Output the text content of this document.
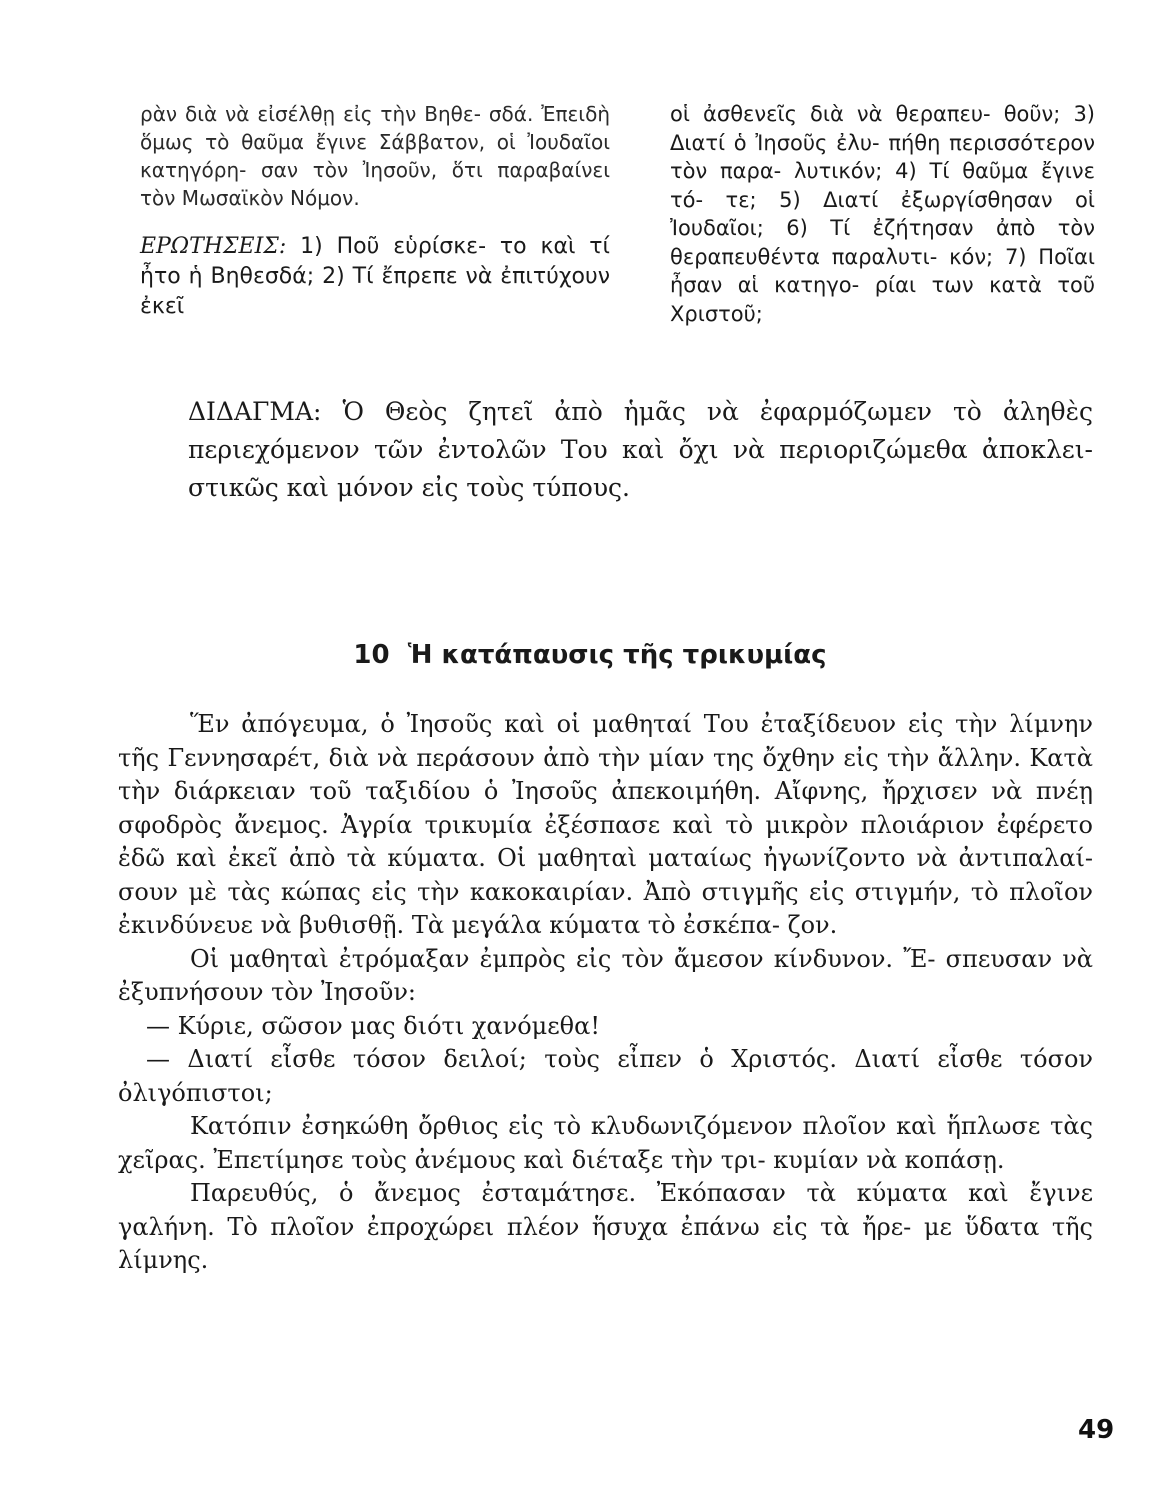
ρὰν διὰ νὰ εἰσέλθῃ εἰς τὴν Βηθε- σδά. Ἐπειδὴ ὅμως τὸ θαῦμα ἔγινε Σάββατον, οἱ Ἰουδαῖοι κατηγόρη- σαν τὸν Ἰησοῦν, ὅτι παραβαίνει τὸν Μωσαϊκὸν Νόμον.

ΕΡΩΤΗΣΕΙΣ: 1) Ποῦ εὑρίσκε- το καὶ τί ἦτο ἡ Βηθεσδά; 2) Τί ἔπρεπε νὰ ἐπιτύχουν ἐκεῖ

οἱ ἀσθενεῖς διὰ νὰ θεραπευ- θοῦν; 3) Διατί ὁ Ἰησοῦς ἐλυ- πήθη περισσότερον τὸν παρα- λυτικόν; 4) Τί θαῦμα ἔγινε τό- τε; 5) Διατί ἐξωργίσθησαν οἱ Ἰουδαῖοι; 6) Τί ἐζήτησαν ἀπὸ τὸν θεραπευθέντα παραλυτι- κόν; 7) Ποῖαι ἦσαν αἱ κατηγο- ρίαι των κατὰ τοῦ Χριστοῦ;

ΔΙΔΑΓΜΑ: Ὁ Θεὸς ζητεῖ ἀπὸ ἡμᾶς νὰ ἐφαρμόζωμεν τὸ ἀληθὲς περιεχόμενον τῶν ἐντολῶν Του καὶ ὄχι νὰ περιοριζώμεθα ἀποκλει- στικῶς καὶ μόνον εἰς τοὺς τύπους.
10 Ἡ κατάπαυσις τῆς τρικυμίας

Ἕν ἀπόγευμα, ὁ Ἰησοῦς καὶ οἱ μαθηταί Του ἐταξίδευον εἰς τὴν λίμνην τῆς Γεννησαρέτ, διὰ νὰ περάσουν ἀπὸ τὴν μίαν της ὄχθην εἰς τὴν ἄλλην. Κατὰ τὴν διάρκειαν τοῦ ταξιδίου ὁ Ἰησοῦς ἀπεκοιμήθη. Αἴφνης, ἤρχισεν νὰ πνέῃ σφοδρὸς ἄνεμος. Ἀγρία τρικυμία ἐξέσπασε καὶ τὸ μικρὸν πλοιάριον ἐφέρετο ἐδῶ καὶ ἐκεῖ ἀπὸ τὰ κύματα. Οἱ μαθηταὶ ματαίως ἠγωνίζοντο νὰ ἀντιπαλαί- σουν μὲ τὰς κώπας εἰς τὴν κακοκαιρίαν. Ἀπὸ στιγμῆς εἰς στιγμήν, τὸ πλοῖον ἐκινδύνευε νὰ βυθισθῇ. Τὰ μεγάλα κύματα τὸ ἐσκέπα- ζον.

Οἱ μαθηταὶ ἐτρόμαξαν ἐμπρὸς εἰς τὸν ἄμεσον κίνδυνον. Ἔ- σπευσαν νὰ ἐξυπνήσουν τὸν Ἰησοῦν:

— Κύριε, σῶσον μας διότι χανόμεθα!

— Διατί εἶσθε τόσον δειλοί; τοὺς εἶπεν ὁ Χριστός. Διατί εἶσθε τόσον ὀλιγόπιστοι;

Κατόπιν ἐσηκώθη ὄρθιος εἰς τὸ κλυδωνιζόμενον πλοῖον καὶ ἥπλωσε τὰς χεῖρας. Ἐπετίμησε τοὺς ἀνέμους καὶ διέταξε τὴν τρι- κυμίαν νὰ κοπάσῃ.

Παρευθύς, ὁ ἄνεμος ἐσταμάτησε. Ἐκόπασαν τὰ κύματα καὶ ἔγινε γαλήνη. Τὸ πλοῖον ἐπροχώρει πλέον ἥσυχα ἐπάνω εἰς τὰ ἤρε- με ὕδατα τῆς λίμνης.

49
